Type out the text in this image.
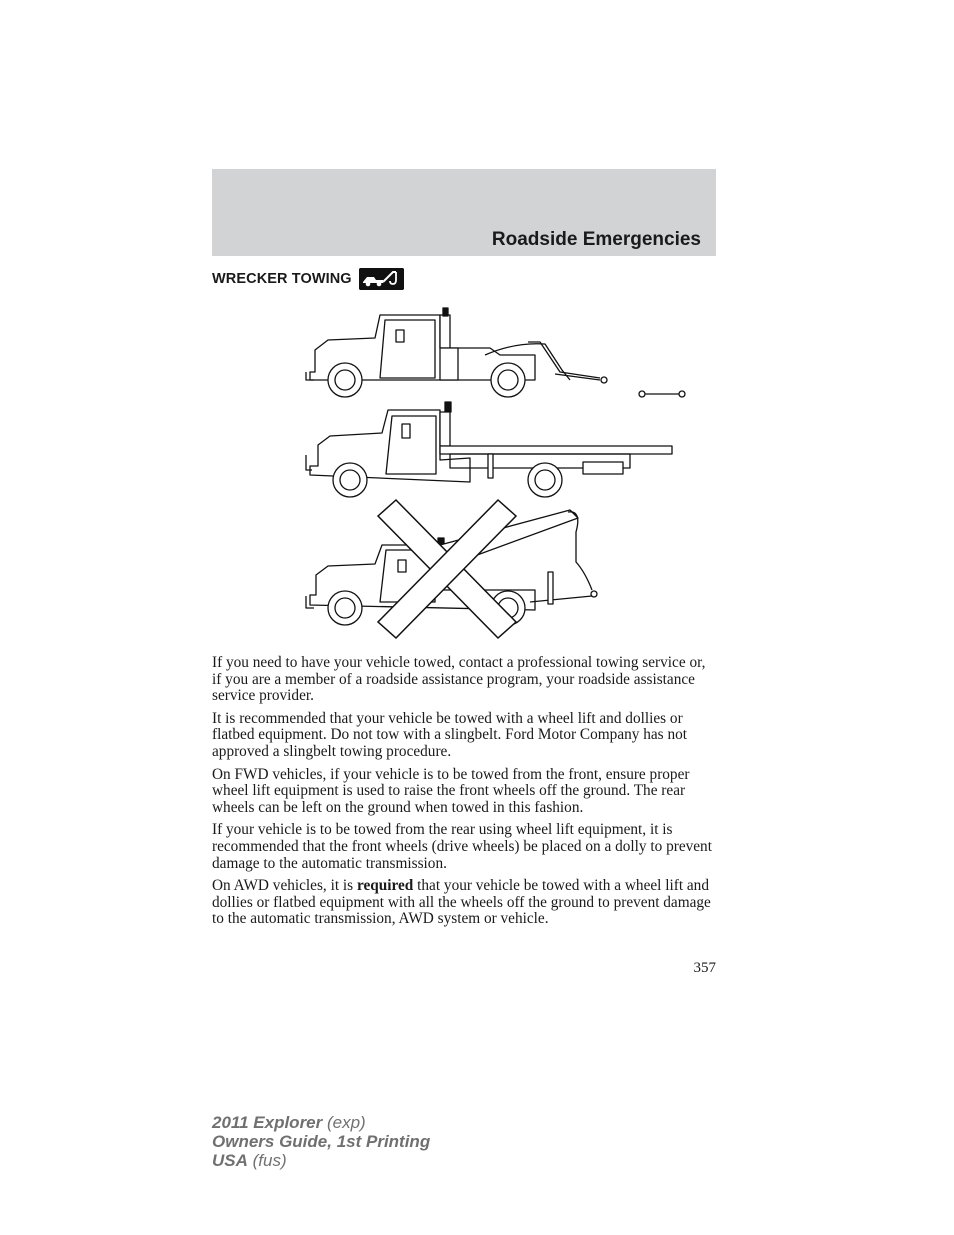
Roadside Emergencies
WRECKER TOWING

If you need to have your vehicle towed, contact a professional towing service or, if you are a member of a roadside assistance program, your roadside assistance service provider.

It is recommended that your vehicle be towed with a wheel lift and dollies or flatbed equipment. Do not tow with a slingbelt. Ford Motor Company has not approved a slingbelt towing procedure.

On FWD vehicles, if your vehicle is to be towed from the front, ensure proper wheel lift equipment is used to raise the front wheels off the ground. The rear wheels can be left on the ground when towed in this fashion.

If your vehicle is to be towed from the rear using wheel lift equipment, it is recommended that the front wheels (drive wheels) be placed on a dolly to prevent damage to the automatic transmission.

On AWD vehicles, it is required that your vehicle be towed with a wheel lift and dollies or flatbed equipment with all the wheels off the ground to prevent damage to the automatic transmission, AWD system or vehicle.

357
2011 Explorer (exp)
Owners Guide, 1st Printing
USA (fus)
